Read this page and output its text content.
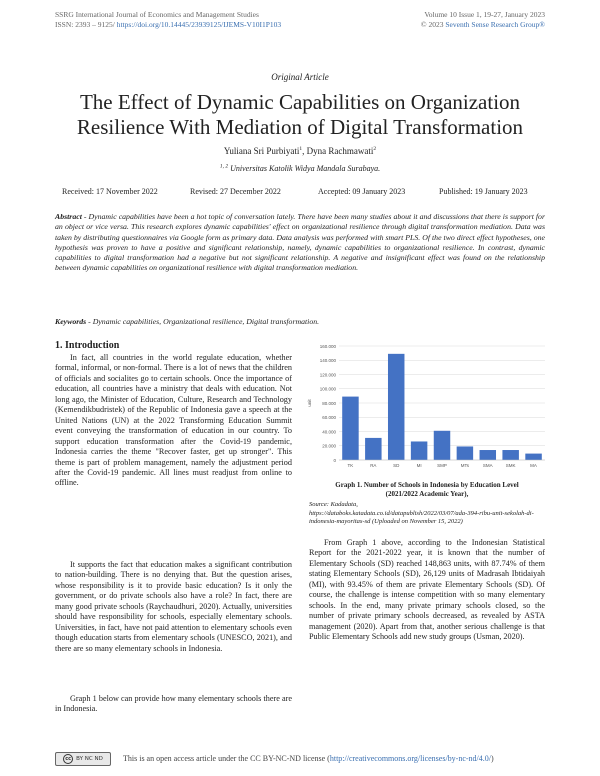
SSRG International Journal of Economics and Management Studies
ISSN: 2393 – 9125/ https://doi.org/10.14445/23939125/IJEMS-V10I1P103
Volume 10 Issue 1, 19-27, January 2023
© 2023 Seventh Sense Research Group®
Original Article
The Effect of Dynamic Capabilities on Organization
Resilience With Mediation of Digital Transformation
Yuliana Sri Purbiyati$^1$, Dyna Rachmawati$^2$
$^{1, 2}$ Universitas Katolik Widya Mandala Surabaya.
Received: 17 November 2022	Revised: 27 December 2022	Accepted: 09 January 2023	Published: 19 January 2023
Abstract - Dynamic capabilities have been a hot topic of conversation lately. There have been many studies about it and discussions that there is support for an object or vice versa. This research explores dynamic capabilities' effect on organizational resilience through digital transformation mediation. Data was taken by distributing questionnaires via Google form as primary data. Data analysis was performed with smart PLS. Of the two direct effect hypotheses, one hypothesis was proven to have a positive and significant relationship, namely, dynamic capabilities to organizational resilience. In contrast, dynamic capabilities to digital transformation had a negative but not significant relationship. A negative and insignificant effect was found on the relationship between dynamic capabilities on organizational resilience with digital transformation mediation.
Keywords - Dynamic capabilities, Organizational resilience, Digital transformation.
1. Introduction

In fact, all countries in the world regulate education, whether formal, informal, or non-formal. There is a lot of news that the children of officials and socialites go to certain schools. Once the importance of education, all countries have a ministry that deals with education. Not long ago, the Minister of Education, Culture, Research and Technology (Kemendikbudristek) of the Republic of Indonesia gave a speech at the United Nations (UN) at the 2022 Transforming Education Summit event conveying the transformation of education in our country. To support education transformation after the Covid-19 pandemic, Indonesia carries the theme "Recover faster, get up stronger". This theme is part of problem management, namely the adjustment period after the Covid-19 pandemic. All lines must readjust from online to offline.

It supports the fact that education makes a significant contribution to nation-building. There is no denying that. But the question arises, whose responsibility is it to provide basic education? Is it only the government, or do private schools also have a role? In fact, there are many good private schools (Raychaudhuri, 2020). Actually, universities should have responsibility for schools, especially elementary schools. Universities, in fact, have not paid attention to elementary schools even though education starts from elementary schools (UNESCO, 2021), and there are so many elementary schools in Indonesia.

Graph 1 below can provide how many elementary schools there are in Indonesia.

0
20.000
40.000
60.000
80.000
100.000
120.000
140.000
160.000
unit
TK	RA	SD	MI	SMP	MTs	SMA	SMK	MA
Graph 1. Number of Schools in Indonesia by Education Level
(2021/2022 Academic Year),
Source: Kadadata,
https://databoks.katadata.co.id/datapublish/2022/03/07/ada-394-ribu-unit-sekolah-di-indonesia-mayoritas-sd (Uploaded on November 15, 2022)

From Graph 1 above, according to the Indonesian Statistical Report for the 2021-2022 year, it is known that the number of Elementary Schools (SD) reached 148,863 units, with 87.74% of them stating Elementary Schools (SD), 26,129 units of Madrasah Ibtidaiyah (MI), with 93.45% of them are private Elementary Schools (SD). Of course, the challenge is intense competition with so many elementary schools. In the end, many private primary schools closed, so the number of private primary schools decreased, as revealed by ASTA management (2020). Apart from that, another serious challenge is that Public Elementary Schools add new study groups (Usman, 2020).

cc BY NC ND	This is an open access article under the CC BY-NC-ND license (http://creativecommons.org/licenses/by-nc-nd/4.0/)
